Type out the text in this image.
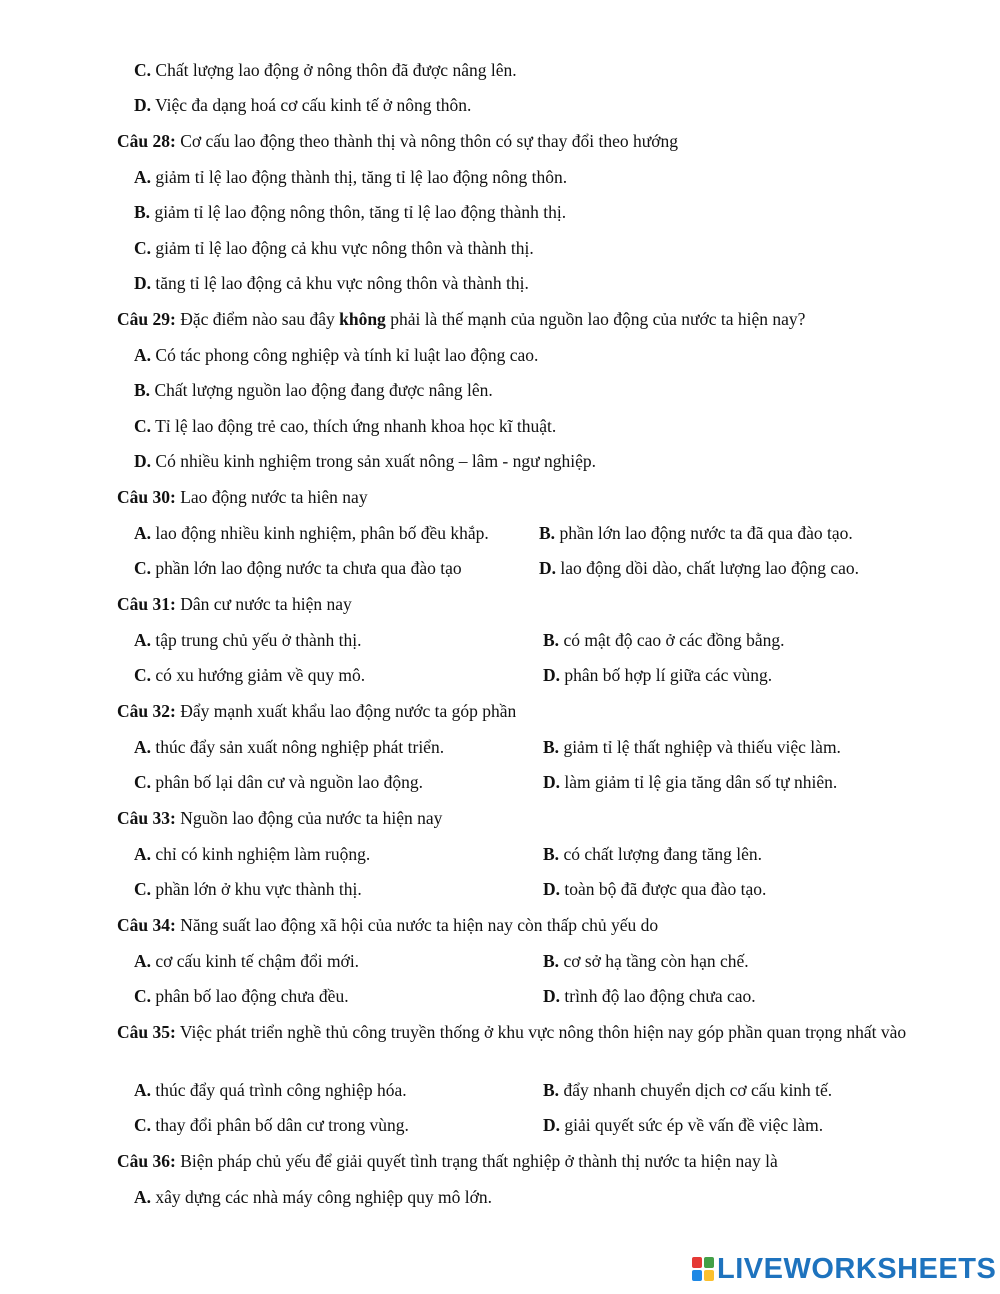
C. Chất lượng lao động ở nông thôn đã được nâng lên.
D. Việc đa dạng hoá cơ cấu kinh tế ở nông thôn.
Câu 28: Cơ cấu lao động theo thành thị và nông thôn có sự thay đổi theo hướng
A. giảm tỉ lệ lao động thành thị, tăng tỉ lệ lao động nông thôn.
B. giảm tỉ lệ lao động nông thôn, tăng tỉ lệ lao động thành thị.
C. giảm tỉ lệ lao động cả khu vực nông thôn và thành thị.
D. tăng tỉ lệ lao động cả khu vực nông thôn và thành thị.
Câu 29: Đặc điểm nào sau đây không phải là thế mạnh của nguồn lao động của nước ta hiện nay?
A. Có tác phong công nghiệp và tính kỉ luật lao động cao.
B. Chất lượng nguồn lao động đang được nâng lên.
C. Tỉ lệ lao động trẻ cao, thích ứng nhanh khoa học kĩ thuật.
D. Có nhiều kinh nghiệm trong sản xuất nông – lâm - ngư nghiệp.
Câu 30: Lao động nước ta hiên nay
A. lao động nhiều kinh nghiệm, phân bố đều khắp.	B. phần lớn lao động nước ta đã qua đào tạo.
C. phần lớn lao động nước ta chưa qua đào tạo	D. lao động dồi dào, chất lượng lao động cao.
Câu 31: Dân cư nước ta hiện nay
A. tập trung chủ yếu ở thành thị.	B. có mật độ cao ở các đồng bằng.
C. có xu hướng giảm về quy mô.	D. phân bố hợp lí giữa các vùng.
Câu 32: Đẩy mạnh xuất khẩu lao động nước ta góp phần
A. thúc đẩy sản xuất nông nghiệp phát triển.	B. giảm tỉ lệ thất nghiệp và thiếu việc làm.
C. phân bố lại dân cư và nguồn lao động.	D. làm giảm tỉ lệ gia tăng dân số tự nhiên.
Câu 33: Nguồn lao động của nước ta hiện nay
A. chỉ có kinh nghiệm làm ruộng.	B. có chất lượng đang tăng lên.
C. phần lớn ở khu vực thành thị.	D. toàn bộ đã được qua đào tạo.
Câu 34: Năng suất lao động xã hội của nước ta hiện nay còn thấp chủ yếu do
A. cơ cấu kinh tế chậm đổi mới.	B. cơ sở hạ tầng còn hạn chế.
C. phân bố lao động chưa đều.	D. trình độ lao động chưa cao.
Câu 35: Việc phát triển nghề thủ công truyền thống ở khu vực nông thôn hiện nay góp phần quan trọng nhất vào
A. thúc đẩy quá trình công nghiệp hóa.	B. đẩy nhanh chuyển dịch cơ cấu kinh tế.
C. thay đổi phân bố dân cư trong vùng.	D. giải quyết sức ép về vấn đề việc làm.
Câu 36: Biện pháp chủ yếu để giải quyết tình trạng thất nghiệp ở thành thị nước ta hiện nay là
A. xây dựng các nhà máy công nghiệp quy mô lớn.
LIVEWORKSHEETS
